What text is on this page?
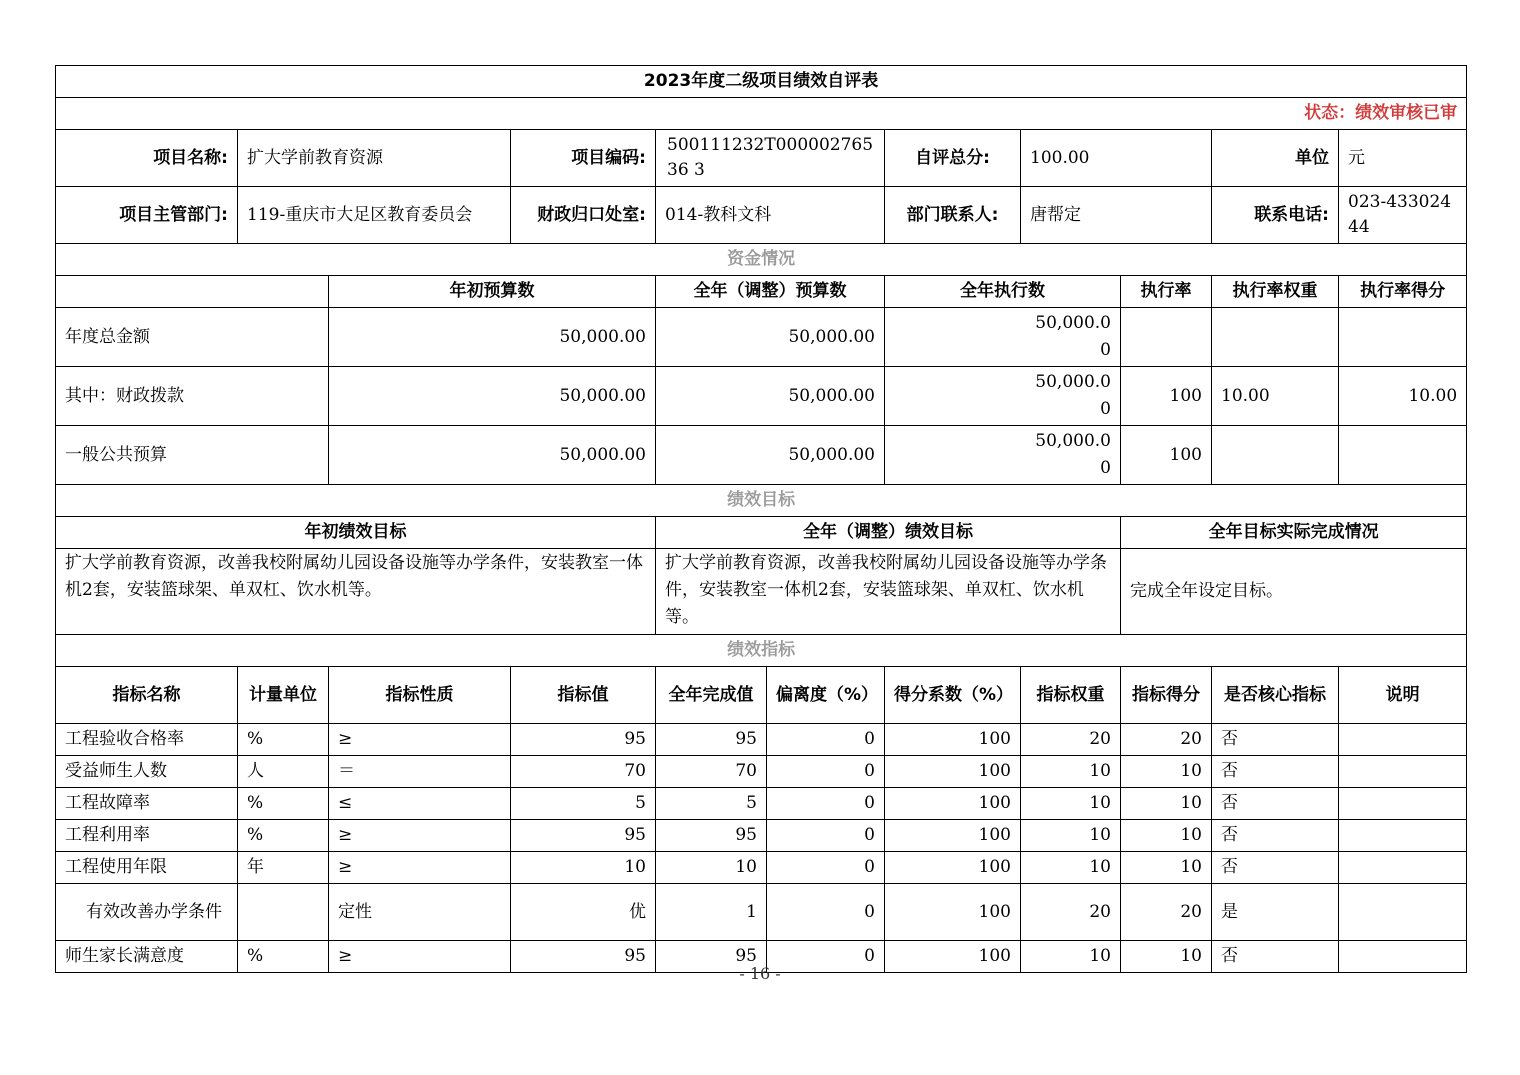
2023年度二级项目绩效自评表										
状态：绩效审核已审										
项目名称:	扩大学前教育资源		项目编码:	500111232T00000276536 3		自评总分:	100.00		单位	元
项目主管部门:	119-重庆市大足区教育委员会		财政归口处室:	014-教科文科		部门联系人:	唐帮定		联系电话:	023-43302444
资金情况										
		年初预算数		全年（调整）预算数		全年执行数		执行率	执行率权重	执行率得分
年度总金额		50,000.00		50,000.00		50,000.00				
其中：财政拨款		50,000.00		50,000.00		50,000.00		100	10.00	10.00
一般公共预算		50,000.00		50,000.00		50,000.00		100		
绩效目标										
年初绩效目标				全年（调整）绩效目标				全年目标实际完成情况		
扩大学前教育资源，改善我校附属幼儿园设备设施等办学条件，安装教室一体机2套，安装篮球架、单双杠、饮水机等。				扩大学前教育资源，改善我校附属幼儿园设备设施等办学条件，安装教室一体机2套，安装篮球架、单双杠、饮水机等。				完成全年设定目标。		
绩效指标										
指标名称	计量单位	指标性质	指标值	全年完成值	偏离度（%）	得分系数（%）	指标权重	指标得分	是否核心指标	说明
工程验收合格率	%	≥	95	95	0	100	20	20	否	
受益师生人数	人	＝	70	70	0	100	10	10	否	
工程故障率	%	≤	5	5	0	100	10	10	否	
工程利用率	%	≥	95	95	0	100	10	10	否	
工程使用年限	年	≥	10	10	0	100	10	10	否	
有效改善办学条件		定性	优	1	0	100	20	20	是	
师生家长满意度	%	≥	95	95	0	100	10	10	否	
- 16 -
